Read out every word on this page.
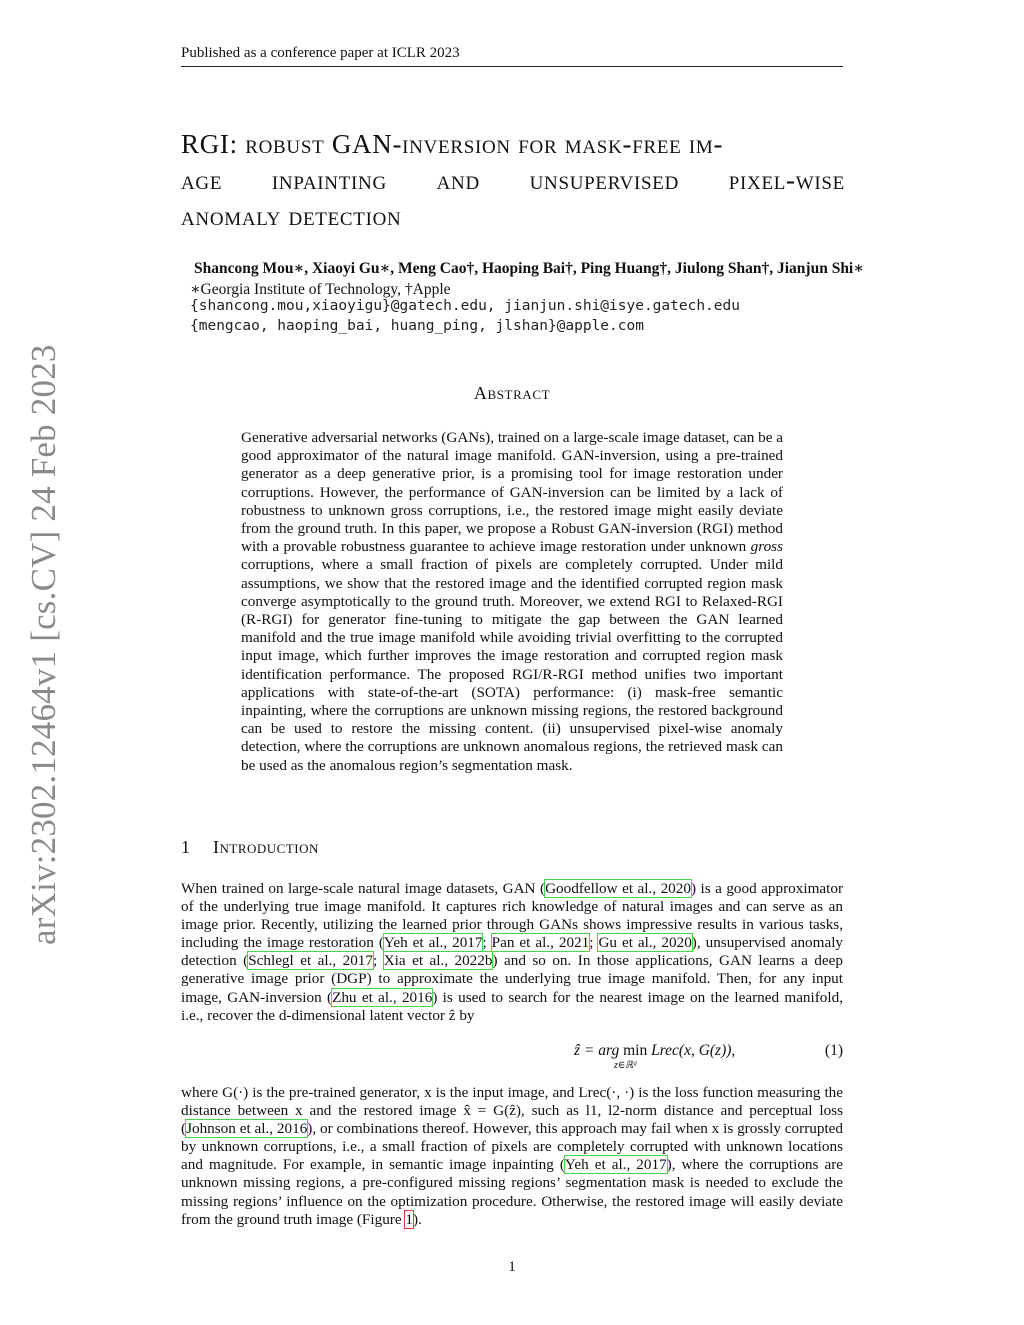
Published as a conference paper at ICLR 2023
arXiv:2302.12464v1 [cs.CV] 24 Feb 2023
RGI: robust GAN-inversion for mask-free im-
age inpainting and unsupervised pixel-wise
anomaly detection
Shancong Mou∗, Xiaoyi Gu∗, Meng Cao†, Haoping Bai†, Ping Huang†, Jiulong Shan†, Jianjun Shi∗
∗Georgia Institute of Technology, †Apple
{shancong.mou,xiaoyigu}@gatech.edu, jianjun.shi@isye.gatech.edu
{mengcao, haoping_bai, huang_ping, jlshan}@apple.com
Abstract
Generative adversarial networks (GANs), trained on a large-scale image dataset, can be a good approximator of the natural image manifold. GAN-inversion, using a pre-trained generator as a deep generative prior, is a promising tool for image restoration under corruptions. However, the performance of GAN-inversion can be limited by a lack of robustness to unknown gross corruptions, i.e., the restored image might easily deviate from the ground truth. In this paper, we propose a Robust GAN-inversion (RGI) method with a provable robustness guarantee to achieve image restoration under unknown gross corruptions, where a small fraction of pixels are completely corrupted. Under mild assumptions, we show that the restored image and the identified corrupted region mask converge asymptotically to the ground truth. Moreover, we extend RGI to Relaxed-RGI (R-RGI) for generator fine-tuning to mitigate the gap between the GAN learned manifold and the true image manifold while avoiding trivial overfitting to the corrupted input image, which further improves the image restoration and corrupted region mask identification performance. The proposed RGI/R-RGI method unifies two important applications with state-of-the-art (SOTA) performance: (i) mask-free semantic inpainting, where the corruptions are unknown missing regions, the restored background can be used to restore the missing content. (ii) unsupervised pixel-wise anomaly detection, where the corruptions are unknown anomalous regions, the retrieved mask can be used as the anomalous region’s segmentation mask.
1 Introduction
When trained on large-scale natural image datasets, GAN (Goodfellow et al., 2020) is a good approximator of the underlying true image manifold. It captures rich knowledge of natural images and can serve as an image prior. Recently, utilizing the learned prior through GANs shows impressive results in various tasks, including the image restoration (Yeh et al., 2017; Pan et al., 2021; Gu et al., 2020), unsupervised anomaly detection (Schlegl et al., 2017; Xia et al., 2022b) and so on. In those applications, GAN learns a deep generative image prior (DGP) to approximate the underlying true image manifold. Then, for any input image, GAN-inversion (Zhu et al., 2016) is used to search for the nearest image on the learned manifold, i.e., recover the d-dimensional latent vector ẑ by
ẑ = arg min
z∈ℝᵈ
Lrec(x, G(z)),	(1)
where G(·) is the pre-trained generator, x is the input image, and Lrec(·, ·) is the loss function measuring the distance between x and the restored image x̂ = G(ẑ), such as l1, l2-norm distance and perceptual loss (Johnson et al., 2016), or combinations thereof. However, this approach may fail when x is grossly corrupted by unknown corruptions, i.e., a small fraction of pixels are completely corrupted with unknown locations and magnitude. For example, in semantic image inpainting (Yeh et al., 2017), where the corruptions are unknown missing regions, a pre-configured missing regions’ segmentation mask is needed to exclude the missing regions’ influence on the optimization procedure. Otherwise, the restored image will easily deviate from the ground truth image (Figure 1).
1
